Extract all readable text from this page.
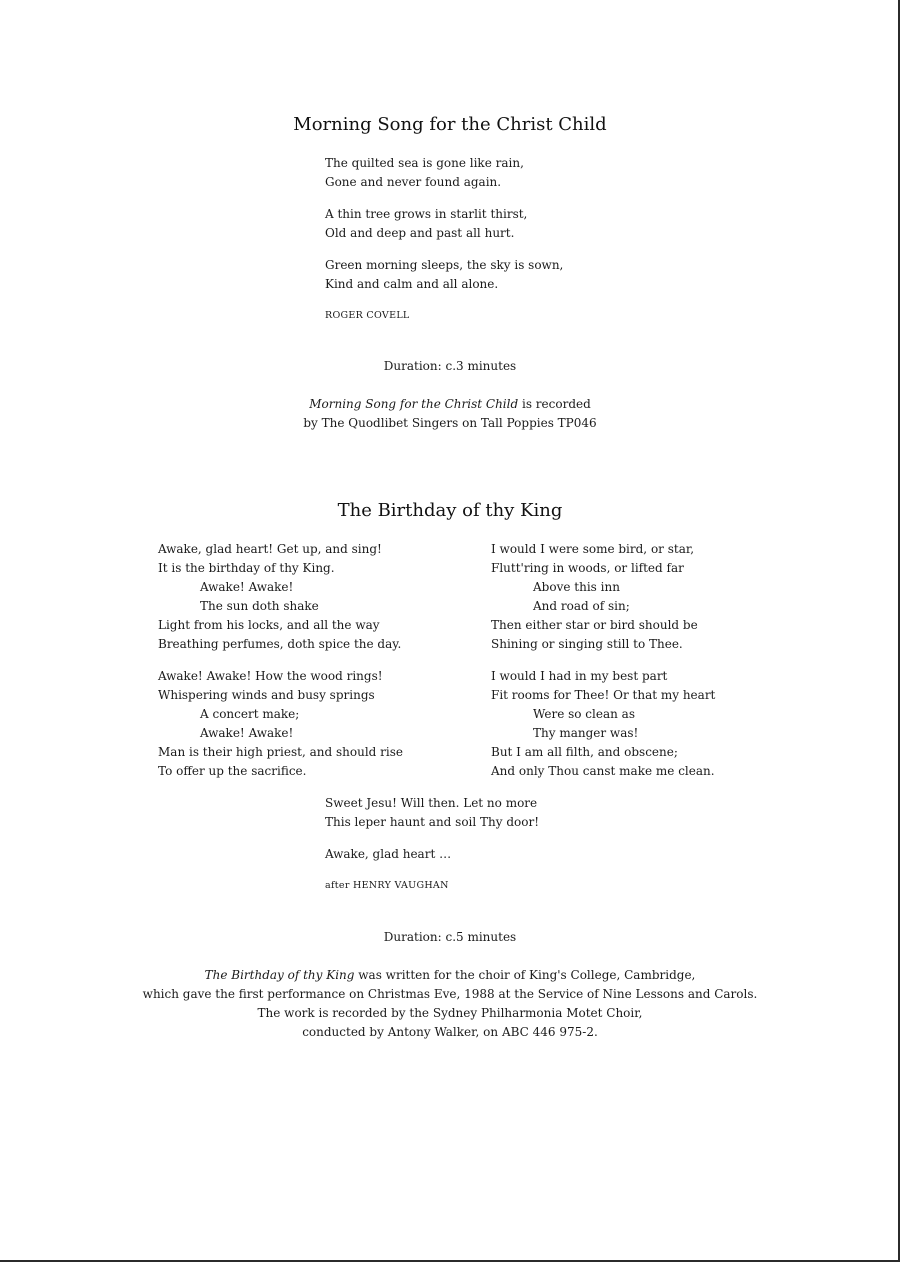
Morning Song for the Christ Child
The quilted sea is gone like rain,
Gone and never found again.
A thin tree grows in starlit thirst,
Old and deep and past all hurt.
Green morning sleeps, the sky is sown,
Kind and calm and all alone.
ROGER COVELL
Duration: c.3 minutes
Morning Song for the Christ Child is recorded
by The Quodlibet Singers on Tall Poppies TP046
The Birthday of thy King
Awake, glad heart! Get up, and sing!
It is the birthday of thy King.
Awake! Awake!
The sun doth shake
Light from his locks, and all the way
Breathing perfumes, doth spice the day.
Awake! Awake! How the wood rings!
Whispering winds and busy springs
A concert make;
Awake! Awake!
Man is their high priest, and should rise
To offer up the sacrifice.
I would I were some bird, or star,
Flutt'ring in woods, or lifted far
Above this inn
And road of sin;
Then either star or bird should be
Shining or singing still to Thee.
I would I had in my best part
Fit rooms for Thee! Or that my heart
Were so clean as
Thy manger was!
But I am all filth, and obscene;
And only Thou canst make me clean.
Sweet Jesu! Will then. Let no more
This leper haunt and soil Thy door!
Awake, glad heart …
after HENRY VAUGHAN
Duration: c.5 minutes
The Birthday of thy King was written for the choir of King's College, Cambridge,
which gave the first performance on Christmas Eve, 1988 at the Service of Nine Lessons and Carols.
The work is recorded by the Sydney Philharmonia Motet Choir,
conducted by Antony Walker, on ABC 446 975-2.
